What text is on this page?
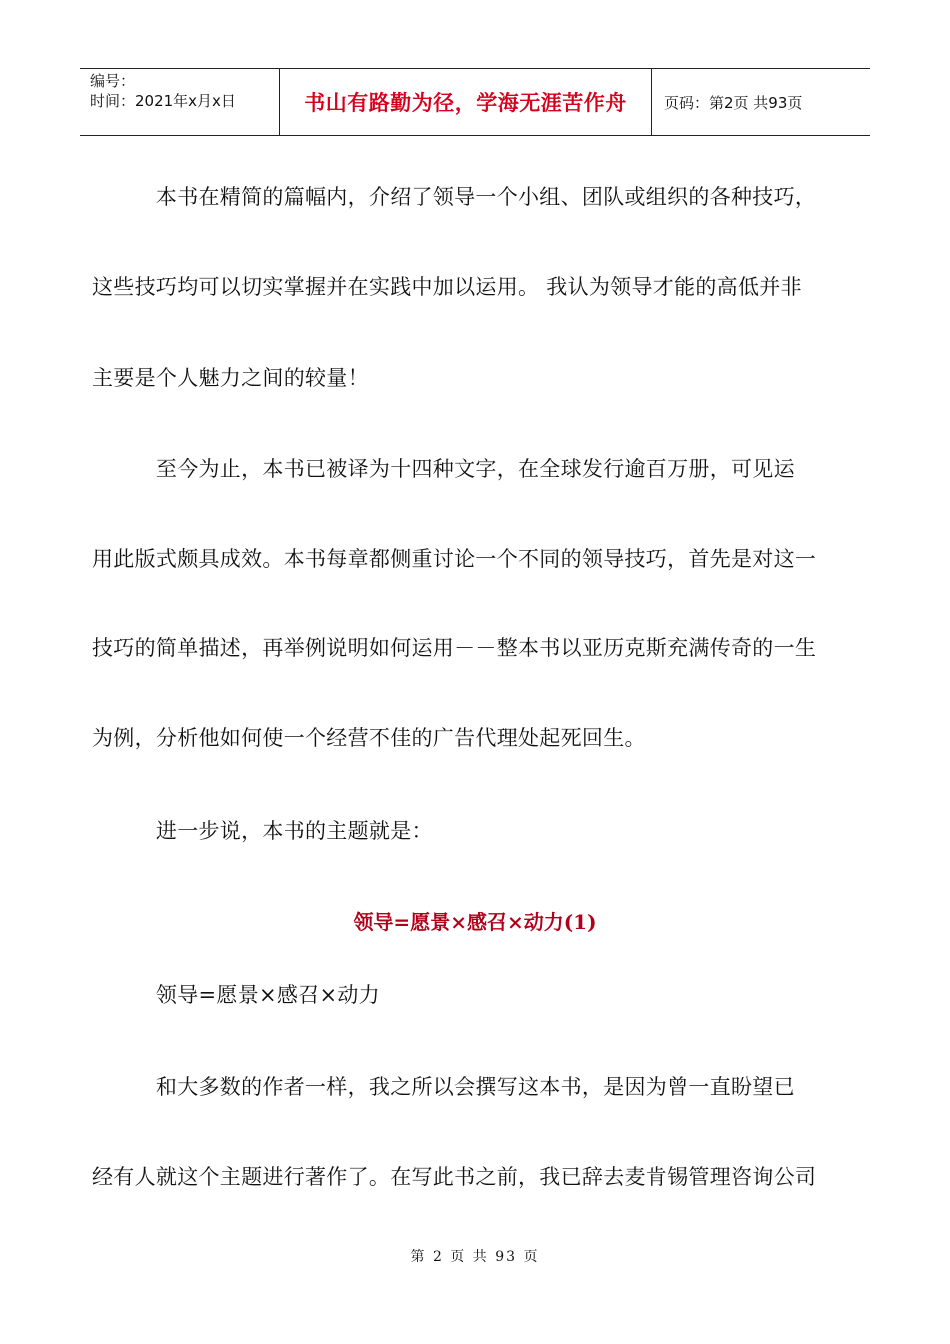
编号：
时间：2021年x月x日	书山有路勤为径，学海无涯苦作舟	页码：第2页 共93页
　　　本书在精简的篇幅内，介绍了领导一个小组、团队或组织的各种技巧，
这些技巧均可以切实掌握并在实践中加以运用。 我认为领导才能的高低并非
主要是个人魅力之间的较量！
　　　至今为止，本书已被译为十四种文字，在全球发行逾百万册，可见运
用此版式颇具成效。本书每章都侧重讨论一个不同的领导技巧，首先是对这一
技巧的简单描述，再举例说明如何运用－－整本书以亚历克斯充满传奇的一生
为例，分析他如何使一个经营不佳的广告代理处起死回生。
　　　进一步说，本书的主题就是：
领导=愿景×感召×动力(1)
　　　领导=愿景×感召×动力
　　　和大多数的作者一样，我之所以会撰写这本书，是因为曾一直盼望已
经有人就这个主题进行著作了。在写此书之前，我已辞去麦肯锡管理咨询公司
第 2 页 共 93 页
